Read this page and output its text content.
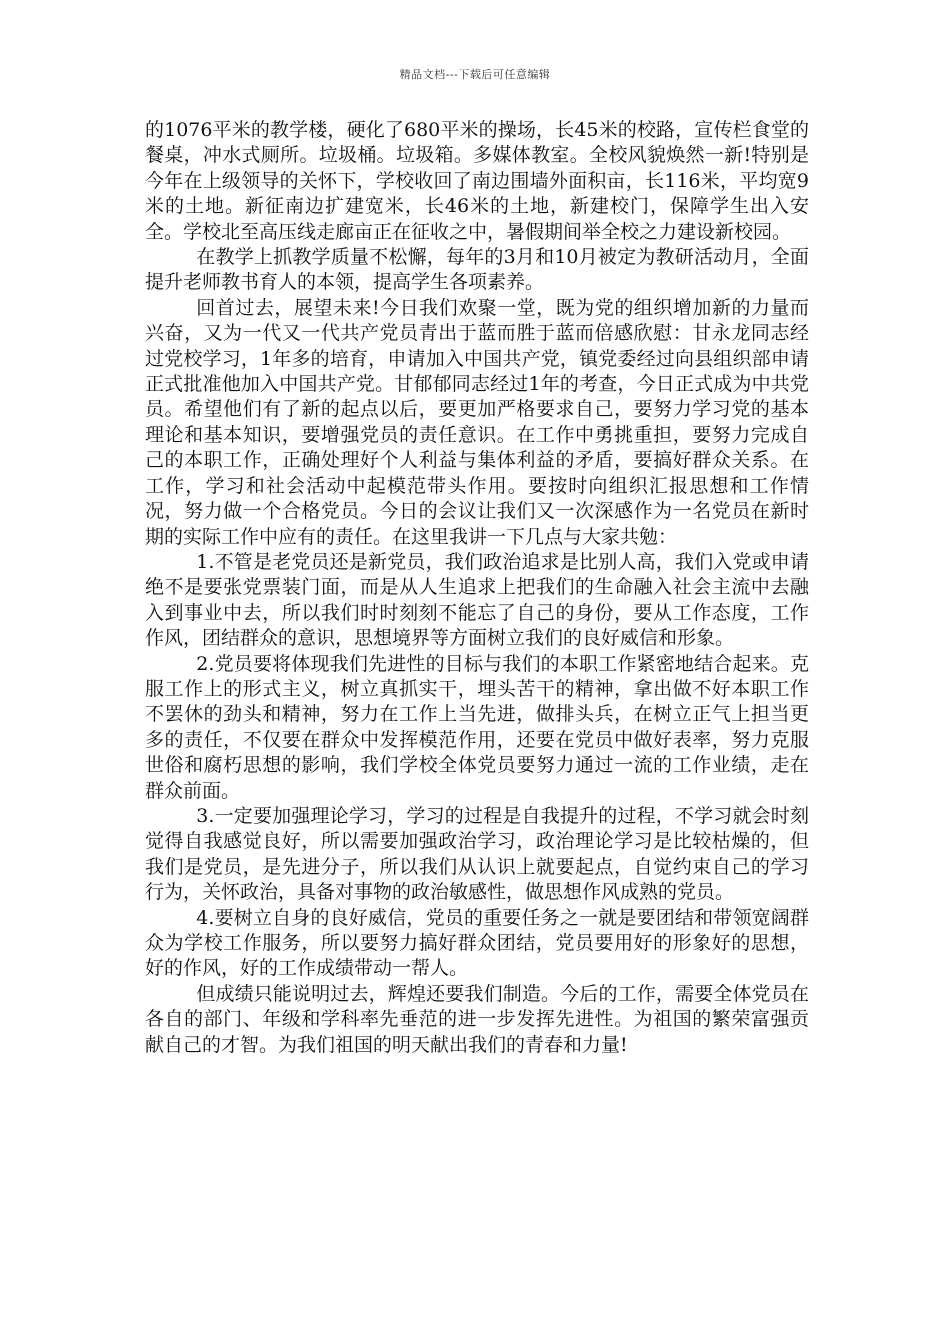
精品文档---下载后可任意编辑

的1076平米的教学楼，硬化了680平米的操场，长45米的校路，宣传栏食堂的餐桌，冲水式厕所。垃圾桶。垃圾箱。多媒体教室。全校风貌焕然一新!特别是今年在上级领导的关怀下，学校收回了南边围墙外面积亩，长116米，平均宽9米的土地。新征南边扩建宽米，长46米的土地，新建校门，保障学生出入安全。学校北至高压线走廊亩正在征收之中，暑假期间举全校之力建设新校园。

在教学上抓教学质量不松懈，每年的3月和10月被定为教研活动月，全面提升老师教书育人的本领，提高学生各项素养。

回首过去，展望未来!今日我们欢聚一堂，既为党的组织增加新的力量而兴奋，又为一代又一代共产党员青出于蓝而胜于蓝而倍感欣慰：甘永龙同志经过党校学习，1年多的培育，申请加入中国共产党，镇党委经过向县组织部申请正式批准他加入中国共产党。甘郁郁同志经过1年的考查，今日正式成为中共党员。希望他们有了新的起点以后，要更加严格要求自己，要努力学习党的基本理论和基本知识，要增强党员的责任意识。在工作中勇挑重担，要努力完成自己的本职工作，正确处理好个人利益与集体利益的矛盾，要搞好群众关系。在工作，学习和社会活动中起模范带头作用。要按时向组织汇报思想和工作情况，努力做一个合格党员。今日的会议让我们又一次深感作为一名党员在新时期的实际工作中应有的责任。在这里我讲一下几点与大家共勉：

1.不管是老党员还是新党员，我们政治追求是比别人高，我们入党或申请绝不是要张党票装门面，而是从人生追求上把我们的生命融入社会主流中去融入到事业中去，所以我们时时刻刻不能忘了自己的身份，要从工作态度，工作作风，团结群众的意识，思想境界等方面树立我们的良好威信和形象。

2.党员要将体现我们先进性的目标与我们的本职工作紧密地结合起来。克服工作上的形式主义，树立真抓实干，埋头苦干的精神，拿出做不好本职工作不罢休的劲头和精神，努力在工作上当先进，做排头兵，在树立正气上担当更多的责任，不仅要在群众中发挥模范作用，还要在党员中做好表率，努力克服世俗和腐朽思想的影响，我们学校全体党员要努力通过一流的工作业绩，走在群众前面。

3.一定要加强理论学习，学习的过程是自我提升的过程，不学习就会时刻觉得自我感觉良好，所以需要加强政治学习，政治理论学习是比较枯燥的，但我们是党员，是先进分子，所以我们从认识上就要起点，自觉约束自己的学习行为，关怀政治，具备对事物的政治敏感性，做思想作风成熟的党员。

4.要树立自身的良好威信，党员的重要任务之一就是要团结和带领宽阔群众为学校工作服务，所以要努力搞好群众团结，党员要用好的形象好的思想，好的作风，好的工作成绩带动一帮人。

但成绩只能说明过去，辉煌还要我们制造。今后的工作，需要全体党员在各自的部门、年级和学科率先垂范的进一步发挥先进性。为祖国的繁荣富强贡献自己的才智。为我们祖国的明天献出我们的青春和力量!
